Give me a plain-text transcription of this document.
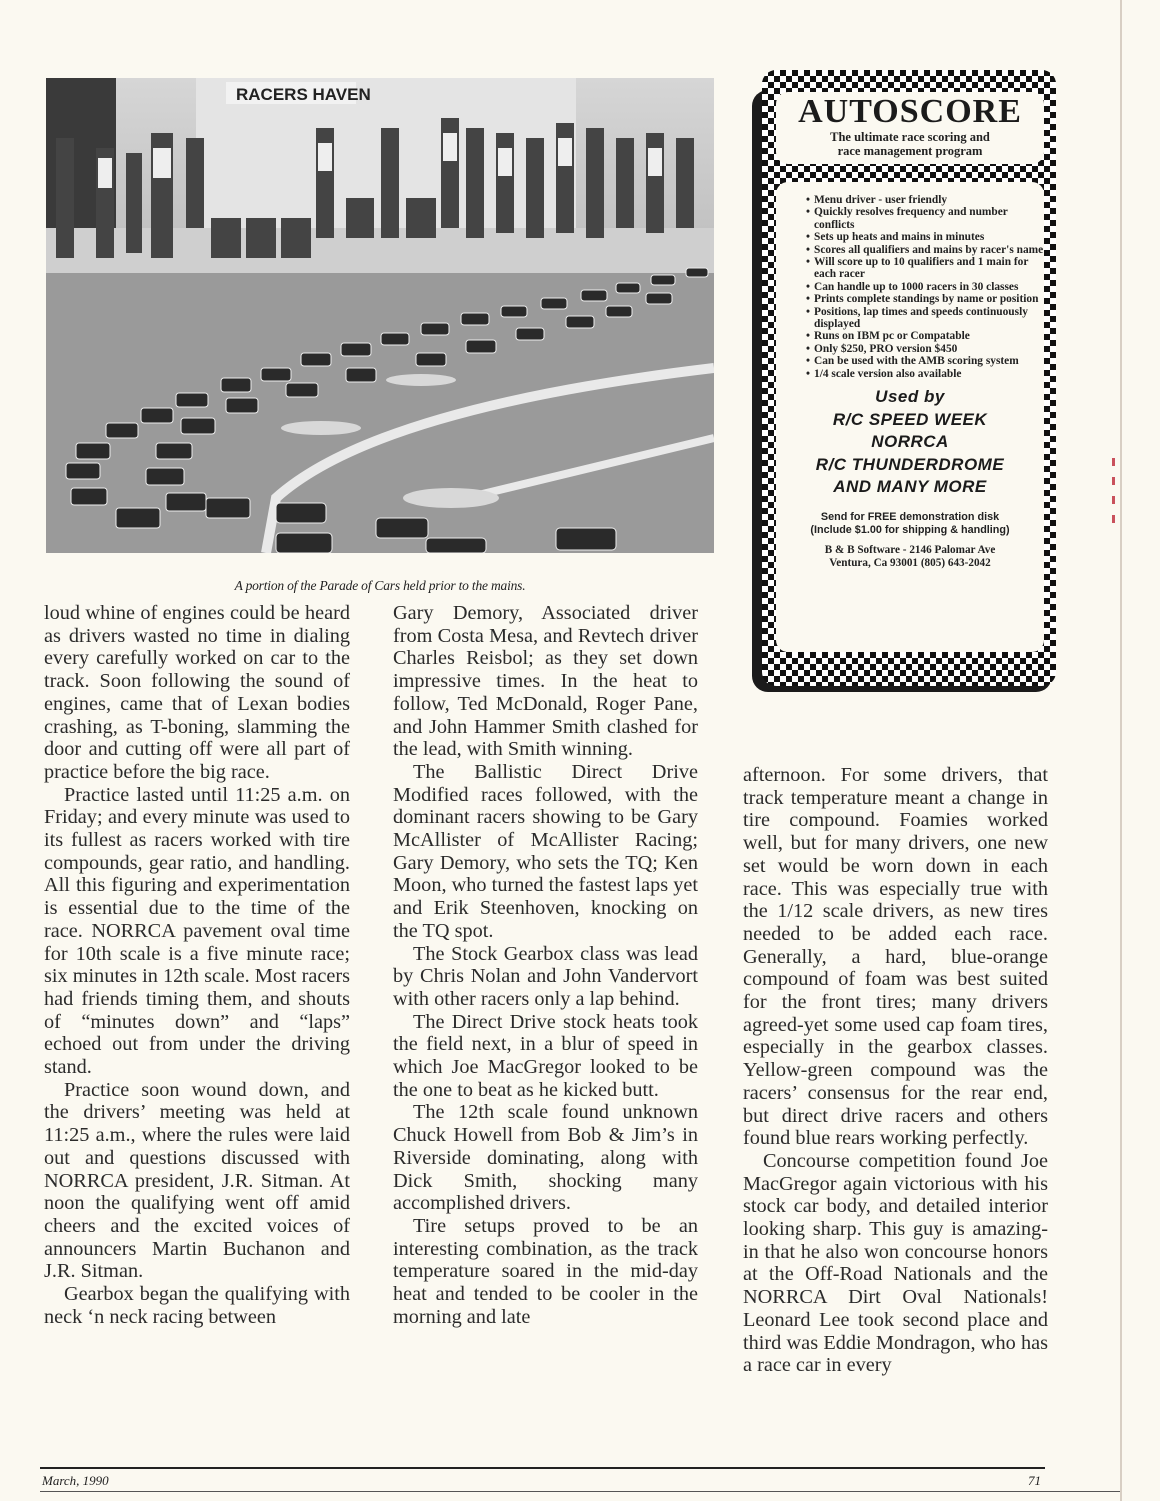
RACERS HAVEN
A portion of the Parade of Cars held prior to the mains.

loud whine of engines could be heard as drivers wasted no time in dialing every carefully worked on car to the track. Soon following the sound of engines, came that of Lexan bodies crashing, as T-boning, slamming the door and cutting off were all part of practice before the big race.

Practice lasted until 11:25 a.m. on Friday; and every minute was used to its fullest as racers worked with tire compounds, gear ratio, and handling. All this figuring and experimentation is essential due to the time of the race. NORRCA pavement oval time for 10th scale is a five minute race; six minutes in 12th scale. Most racers had friends timing them, and shouts of “minutes down” and “laps” echoed out from under the driving stand.

Practice soon wound down, and the drivers’ meeting was held at 11:25 a.m., where the rules were laid out and questions discussed with NORRCA president, J.R. Sitman. At noon the qualifying went off amid cheers and the excited voices of announcers Martin Buchanon and J.R. Sitman.

Gearbox began the qualifying with neck ‘n neck racing between

Gary Demory, Associated driver from Costa Mesa, and Revtech driver Charles Reisbol; as they set down impressive times. In the heat to follow, Ted McDonald, Roger Pane, and John Hammer Smith clashed for the lead, with Smith winning.

The Ballistic Direct Drive Modified races followed, with the dominant racers showing to be Gary McAllister of McAllister Racing; Gary Demory, who sets the TQ; Ken Moon, who turned the fastest laps yet and Erik Steenhoven, knocking on the TQ spot.

The Stock Gearbox class was lead by Chris Nolan and John Vandervort with other racers only a lap behind.

The Direct Drive stock heats took the field next, in a blur of speed in which Joe MacGregor looked to be the one to beat as he kicked butt.

The 12th scale found unknown Chuck Howell from Bob & Jim’s in Riverside dominating, along with Dick Smith, shocking many accomplished drivers.

Tire setups proved to be an interesting combination, as the track temperature soared in the mid-day heat and tended to be cooler in the morning and late

afternoon. For some drivers, that track temperature meant a change in tire compound. Foamies worked well, but for many drivers, one new set would be worn down in each race. This was especially true with the 1/12 scale drivers, as new tires needed to be added each race. Generally, a hard, blue-orange compound of foam was best suited for the front tires; many drivers agreed-yet some used cap foam tires, especially in the gearbox classes. Yellow-green compound was the racers’ consensus for the rear end, but direct drive racers and others found blue rears working perfectly.

Concourse competition found Joe MacGregor again victorious with his stock car body, and detailed interior looking sharp. This guy is amazing-in that he also won concourse honors at the Off-Road Nationals and the NORRCA Dirt Oval Nationals! Leonard Lee took second place and third was Eddie Mondragon, who has a race car in every

AUTOSCORE
The ultimate race scoring and
race management program
• Menu driver - user friendly
• Quickly resolves frequency and number conflicts
• Sets up heats and mains in minutes
• Scores all qualifiers and mains by racer's name
• Will score up to 10 qualifiers and 1 main for each racer
• Can handle up to 1000 racers in 30 classes
• Prints complete standings by name or position
• Positions, lap times and speeds continuously displayed
• Runs on IBM pc or Compatable
• Only $250, PRO version $450
• Can be used with the AMB scoring system
• 1/4 scale version also available
Used by
R/C SPEED WEEK
NORRCA
R/C THUNDERDROME
AND MANY MORE
Send for FREE demonstration disk
(Include $1.00 for shipping & handling)
B & B Software - 2146 Palomar Ave
Ventura, Ca 93001 (805) 643-2042
March, 1990	71
